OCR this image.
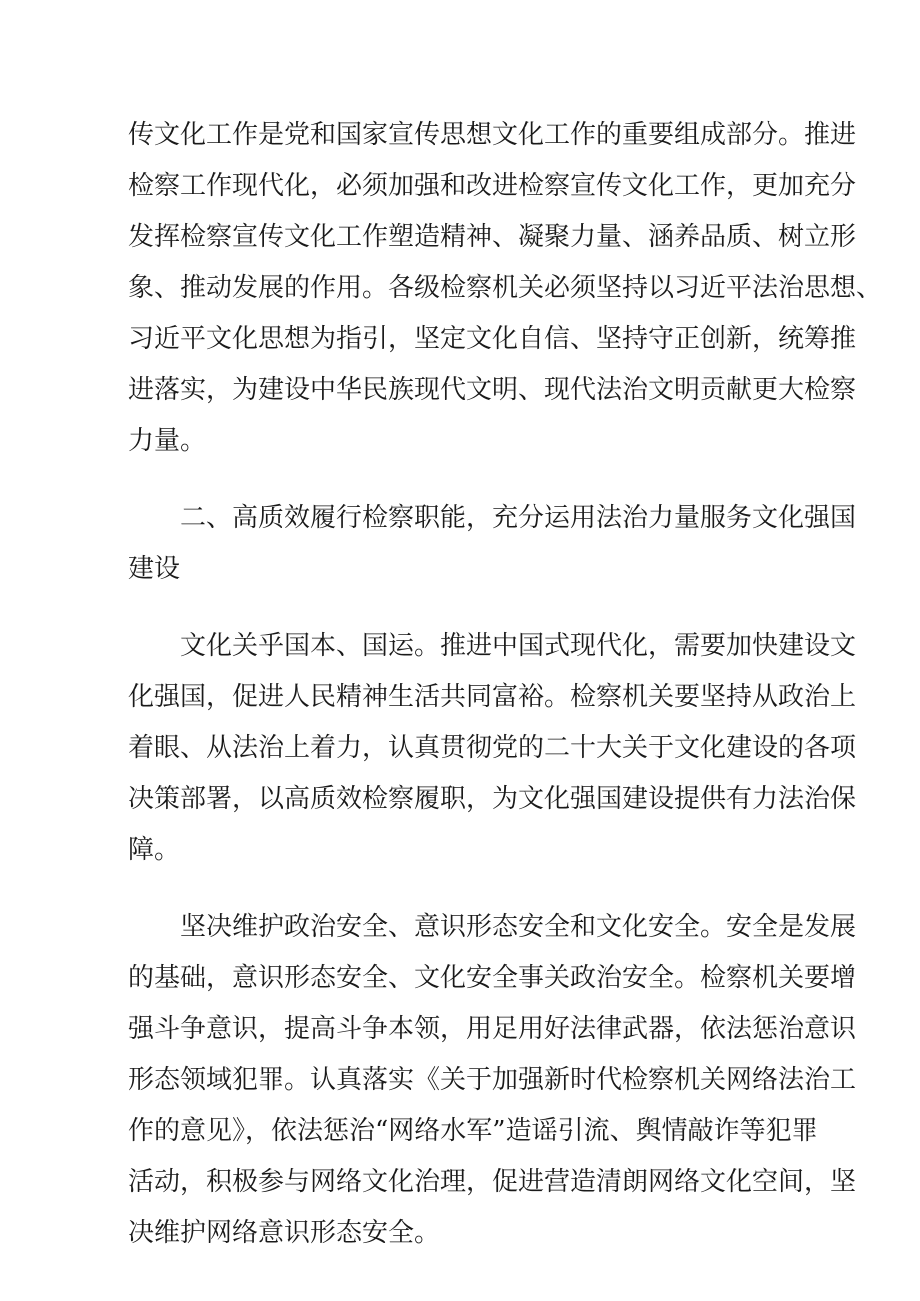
传文化工作是党和国家宣传思想文化工作的重要组成部分。推进
检察工作现代化，必须加强和改进检察宣传文化工作，更加充分
发挥检察宣传文化工作塑造精神、凝聚力量、涵养品质、树立形
象、推动发展的作用。各级检察机关必须坚持以习近平法治思想、
习近平文化思想为指引，坚定文化自信、坚持守正创新，统筹推
进落实，为建设中华民族现代文明、现代法治文明贡献更大检察
力量。
二、高质效履行检察职能，充分运用法治力量服务文化强国
建设
文化关乎国本、国运。推进中国式现代化，需要加快建设文
化强国，促进人民精神生活共同富裕。检察机关要坚持从政治上
着眼、从法治上着力，认真贯彻党的二十大关于文化建设的各项
决策部署，以高质效检察履职，为文化强国建设提供有力法治保
障。
坚决维护政治安全、意识形态安全和文化安全。安全是发展
的基础，意识形态安全、文化安全事关政治安全。检察机关要增
强斗争意识，提高斗争本领，用足用好法律武器，依法惩治意识
形态领域犯罪。认真落实《关于加强新时代检察机关网络法治工
作的意见》，依法惩治“网络水军”造谣引流、舆情敲诈等犯罪
活动，积极参与网络文化治理，促进营造清朗网络文化空间，坚
决维护网络意识形态安全。
